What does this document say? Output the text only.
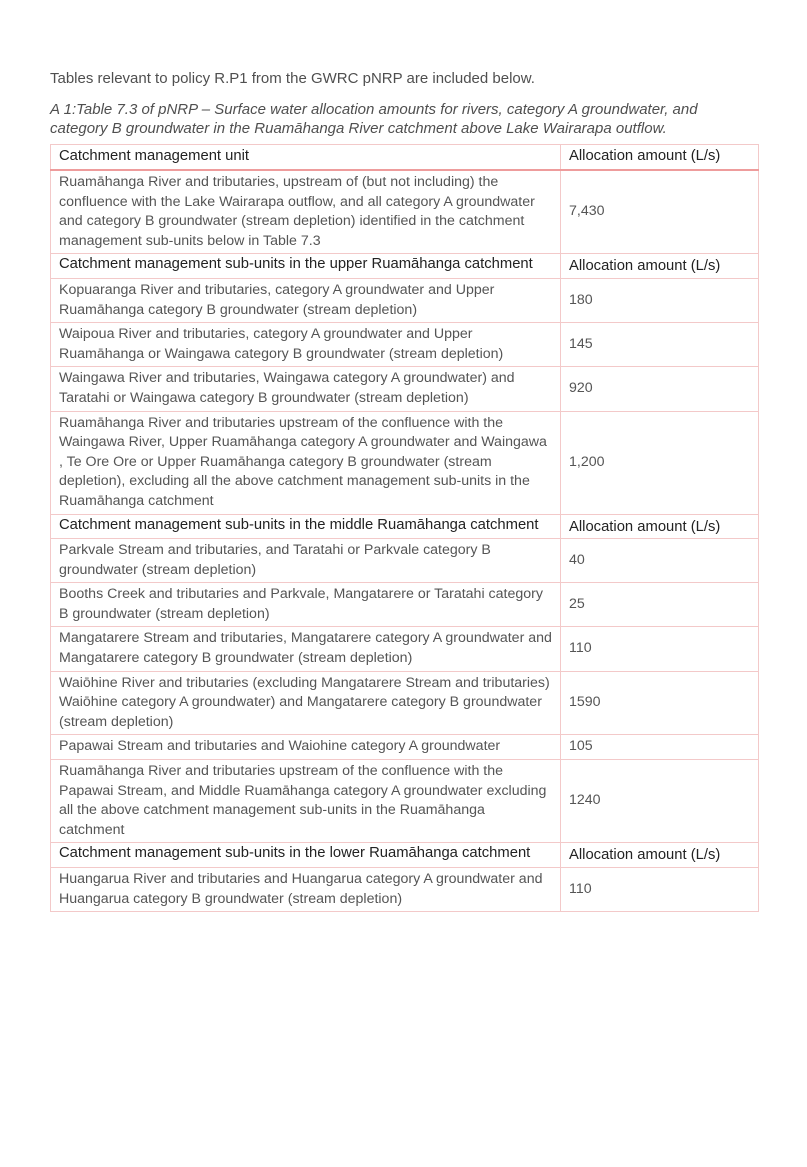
Tables relevant to policy R.P1 from the GWRC pNRP are included below.

A 1:Table 7.3 of pNRP – Surface water allocation amounts for rivers, category A groundwater, and category B groundwater in the Ruamāhanga River catchment above Lake Wairarapa outflow.

Catchment management unit	Allocation amount (L/s)
Ruamāhanga River and tributaries, upstream of (but not including) the confluence with the Lake Wairarapa outflow, and all category A groundwater and category B groundwater (stream depletion) identified in the catchment management sub-units below in Table 7.3	7,430
Catchment management sub-units in the upper Ruamāhanga catchment	Allocation amount (L/s)
Kopuaranga River and tributaries, category A groundwater and Upper Ruamāhanga category B groundwater (stream depletion)	180
Waipoua River and tributaries, category A groundwater and Upper Ruamāhanga or Waingawa category B groundwater (stream depletion)	145
Waingawa River and tributaries, Waingawa category A groundwater) and Taratahi or Waingawa category B groundwater (stream depletion)	920
Ruamāhanga River and tributaries upstream of the confluence with the Waingawa River, Upper Ruamāhanga category A groundwater and Waingawa , Te Ore Ore or Upper Ruamāhanga category B groundwater (stream depletion), excluding all the above catchment management sub-units in the Ruamāhanga catchment	1,200
Catchment management sub-units in the middle Ruamāhanga catchment	Allocation amount (L/s)
Parkvale Stream and tributaries, and Taratahi or Parkvale category B groundwater (stream depletion)	40
Booths Creek and tributaries and Parkvale, Mangatarere or Taratahi category B groundwater (stream depletion)	25
Mangatarere Stream and tributaries, Mangatarere category A groundwater and Mangatarere category B groundwater (stream depletion)	110
Waiōhine River and tributaries (excluding Mangatarere Stream and tributaries) Waiōhine category A groundwater) and Mangatarere category B groundwater (stream depletion)	1590
Papawai Stream and tributaries and Waiohine category A groundwater	105
Ruamāhanga River and tributaries upstream of the confluence with the Papawai Stream, and Middle Ruamāhanga category A groundwater excluding all the above catchment management sub-units in the Ruamāhanga catchment	1240
Catchment management sub-units in the lower Ruamāhanga catchment	Allocation amount (L/s)
Huangarua River and tributaries and Huangarua category A groundwater and Huangarua category B groundwater (stream depletion)	110
